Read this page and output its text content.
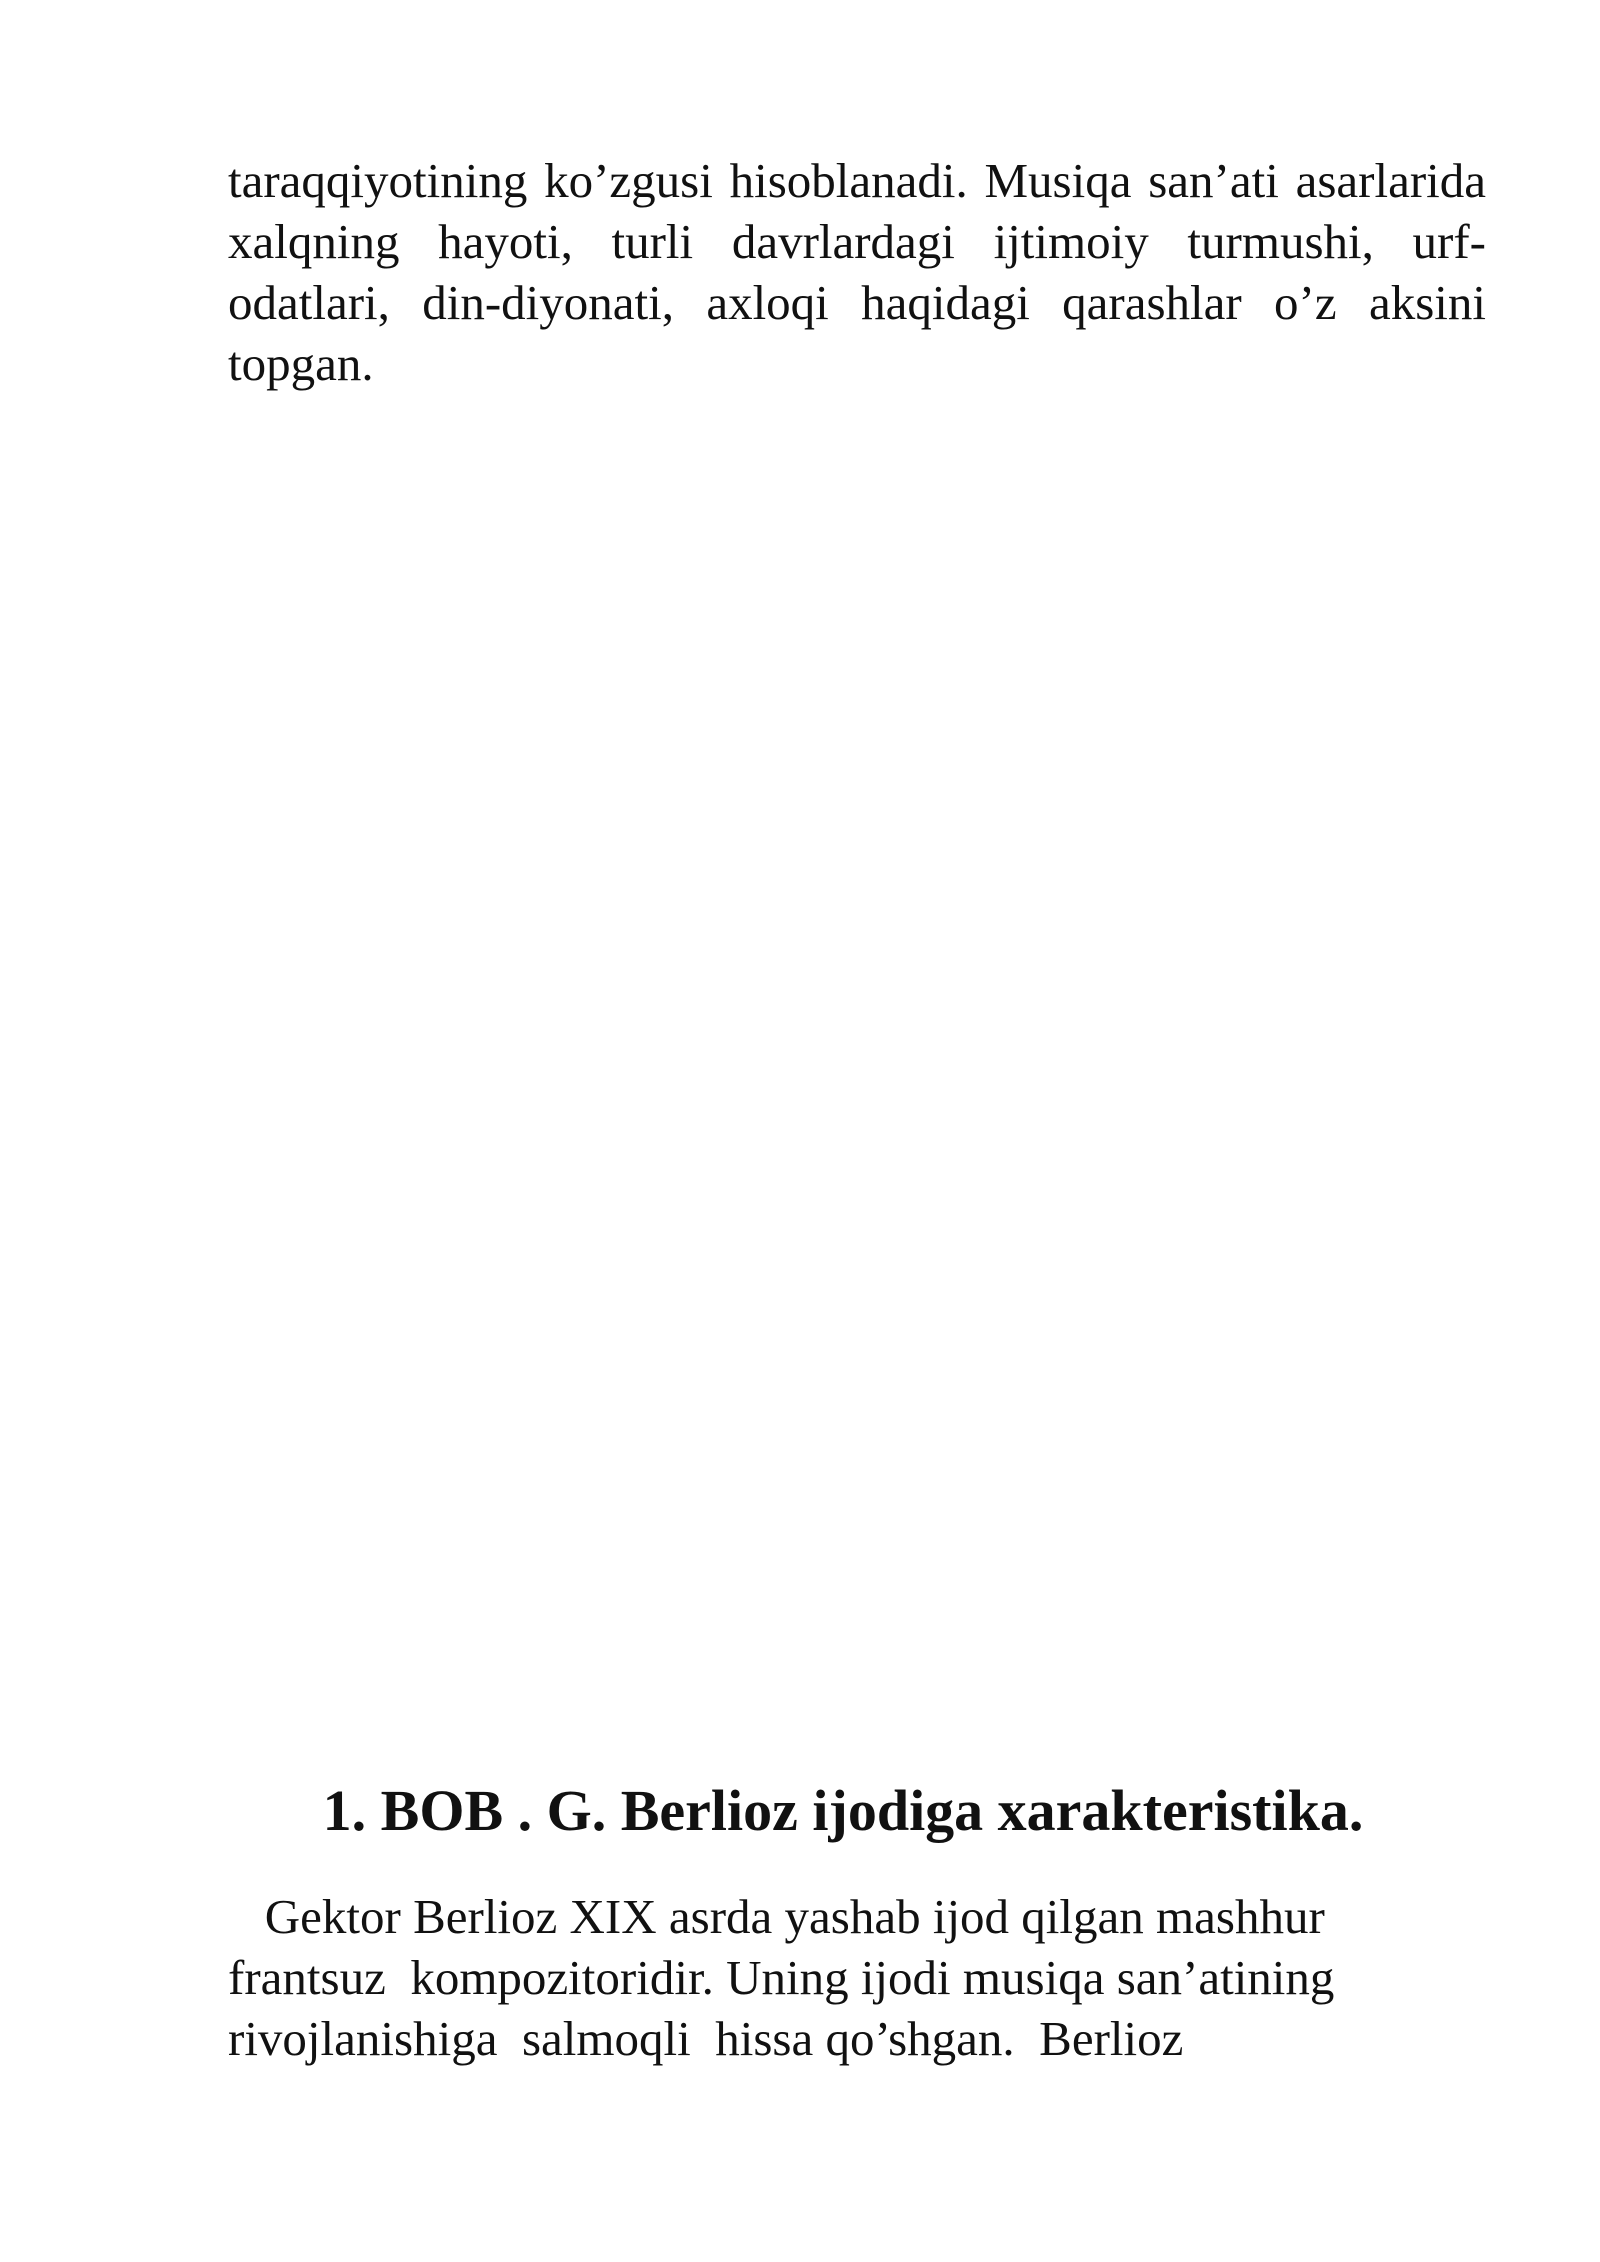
taraqqiyotining ko’zgusi hisoblanadi. Musiqa san’ati asarlarida xalqning hayoti, turli davrlardagi ijtimoiy turmushi, urf-odatlari, din-diyonati, axloqi haqidagi qarashlar o’z aksini topgan.

1. BOB . G. Berlioz ijodiga xarakteristika.
Gektor Berlioz XIX asrda yashab ijod qilgan mashhur
frantsuz  kompozitoridir. Uning ijodi musiqa san’atining
rivojlanishiga  salmoqli  hissa qo’shgan.  Berlioz
